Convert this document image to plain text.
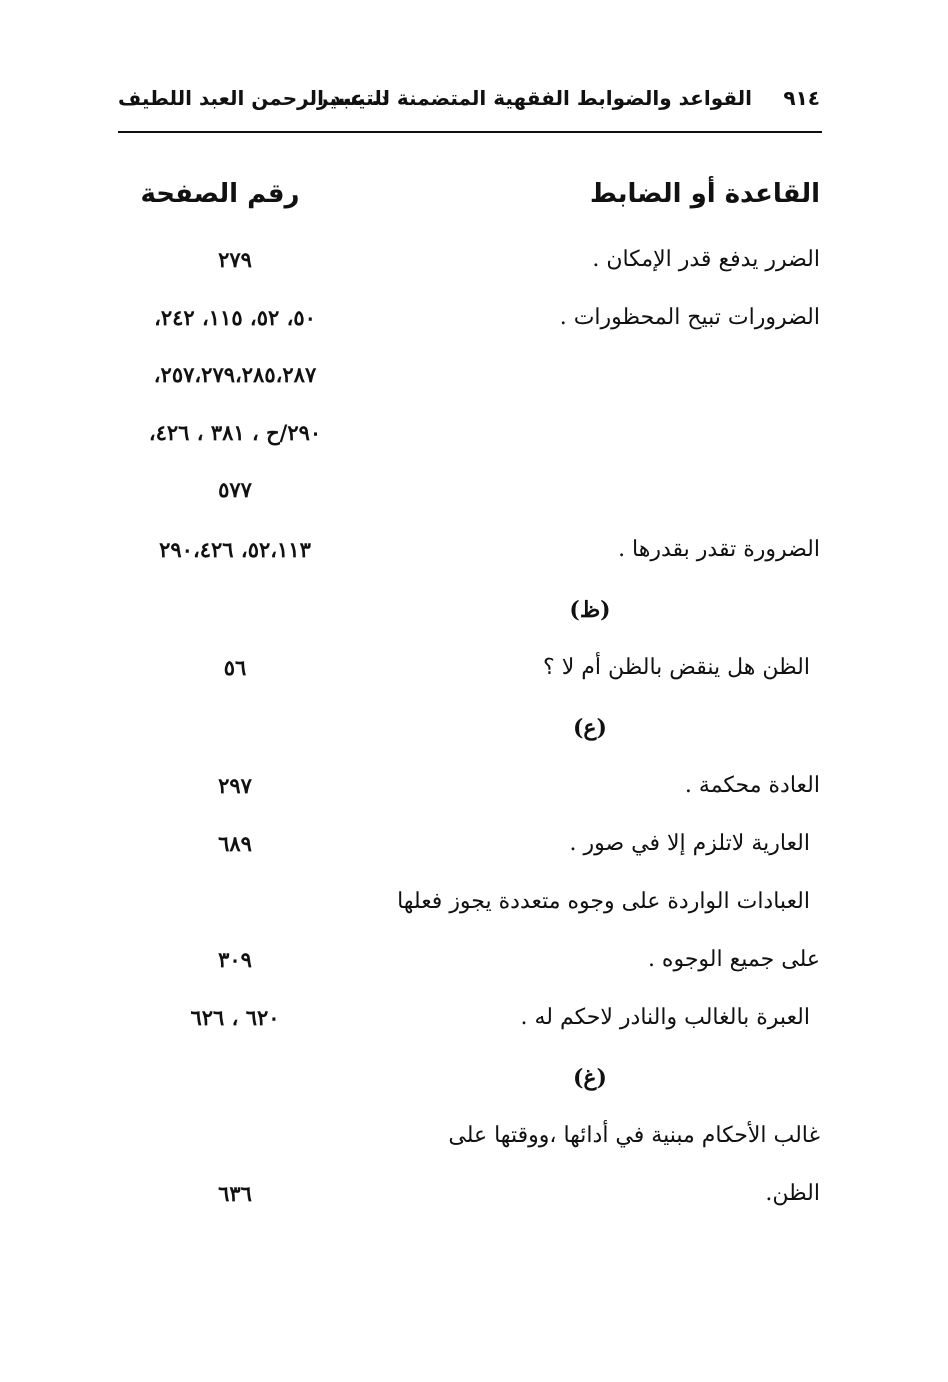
٩١٤
القواعد والضوابط الفقهية المتضمنة للتيسير
د. عبد الرحمن العبد اللطيف
القاعدة أو الضابط
رقم الصفحة
الضرر يدفع قدر الإمكان .
٢٧٩
الضرورات تبيح المحظورات .
٥٠، ٥٢، ١١٥، ٢٤٢،
٢٥٧،٢٧٩،٢٨٥،٢٨٧،
٢٩٠/ح ، ٣٨١ ، ٤٢٦،
٥٧٧
الضرورة تقدر بقدرها .
٥٢،١١٣، ٢٩٠،٤٢٦
(ظ)
الظن هل ينقض بالظن أم لا ؟
٥٦
(ع)
العادة محكمة .
٢٩٧
العارية لاتلزم إلا في صور .
٦٨٩
العبادات الواردة على وجوه متعددة يجوز فعلها
على جميع الوجوه .
٣٠٩
العبرة بالغالب والنادر لاحكم له .
٦٢٠ ، ٦٢٦
(غ)
غالب الأحكام مبنية في أدائها ،ووقتها على
الظن.
٦٣٦
